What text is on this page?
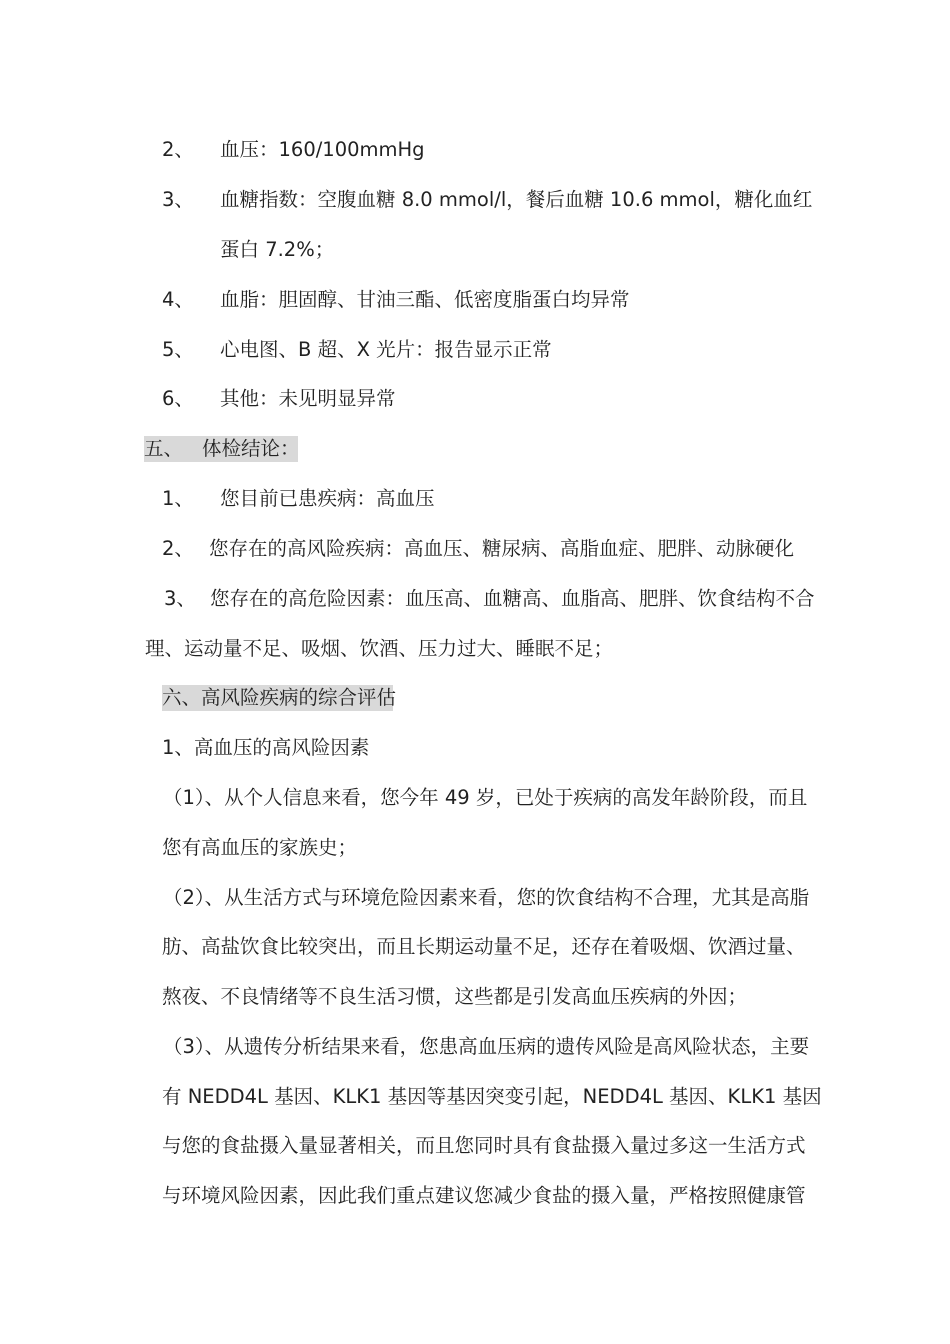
2、 血压：160/100mmHg
3、 血糖指数：空腹血糖 8.0 mmol/l，餐后血糖 10.6 mmol，糖化血红
蛋白 7.2%；
4、 血脂：胆固醇、甘油三酯、低密度脂蛋白均异常
5、 心电图、B 超、X 光片：报告显示正常
6、 其他：未见明显异常
五、 体检结论：
1、 您目前已患疾病：高血压
2、 您存在的高风险疾病：高血压、糖尿病、高脂血症、肥胖、动脉硬化
3、 您存在的高危险因素：血压高、血糖高、血脂高、肥胖、饮食结构不合
理、运动量不足、吸烟、饮酒、压力过大、睡眠不足；
六、高风险疾病的综合评估
1、高血压的高风险因素
（1）、从个人信息来看，您今年 49 岁，已处于疾病的高发年龄阶段，而且
您有高血压的家族史；
（2）、从生活方式与环境危险因素来看，您的饮食结构不合理，尤其是高脂
肪、高盐饮食比较突出，而且长期运动量不足，还存在着吸烟、饮酒过量、
熬夜、不良情绪等不良生活习惯，这些都是引发高血压疾病的外因；
（3）、从遗传分析结果来看，您患高血压病的遗传风险是高风险状态，主要
有 NEDD4L 基因、KLK1 基因等基因突变引起，NEDD4L 基因、KLK1 基因
与您的食盐摄入量显著相关，而且您同时具有食盐摄入量过多这一生活方式
与环境风险因素，因此我们重点建议您减少食盐的摄入量，严格按照健康管
